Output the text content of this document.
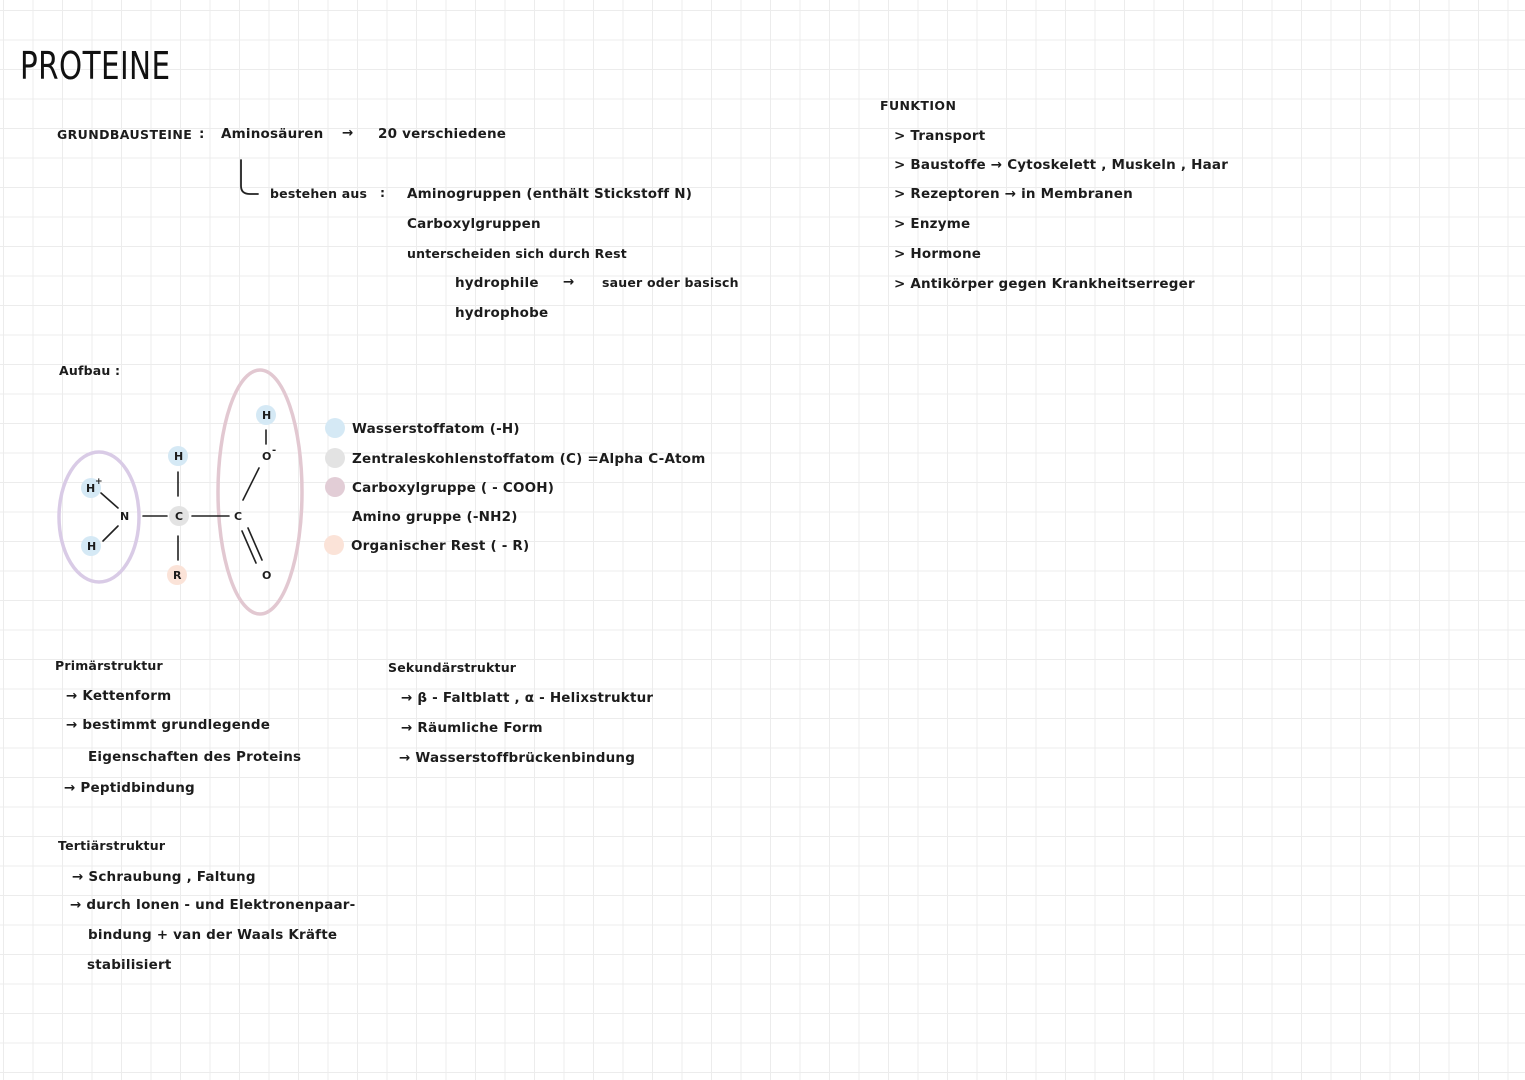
PROTEINE
GRUNDBAUSTEINE : Aminosäuren → 20 verschiedene
bestehen aus : Aminogruppen (enthält Stickstoff N)
Carboxylgruppen
unterscheiden sich durch Rest
hydrophile → sauer oder basisch
hydrophobe
FUNKTION
> Transport
> Baustoffe → Cytoskelett , Muskeln , Haar
> Rezeptoren → in Membranen
> Enzyme
> Hormone
> Antikörper gegen Krankheitserreger
Aufbau :
H +
H
N
H
C
R
C
O -
H
O
Wasserstoffatom (-H)
Zentraleskohlenstoffatom (C) =Alpha C-Atom
Carboxylgruppe ( - COOH)
Amino gruppe (-NH2)
Organischer Rest ( - R)
Primärstruktur
→ Kettenform
→ bestimmt grundlegende
Eigenschaften des Proteins
→ Peptidbindung
Sekundärstruktur
→ β - Faltblatt , α - Helixstruktur
→ Räumliche Form
→ Wasserstoffbrückenbindung
Tertiärstruktur
→ Schraubung , Faltung
→ durch Ionen - und Elektronenpaar-
bindung + van der Waals Kräfte
stabilisiert
